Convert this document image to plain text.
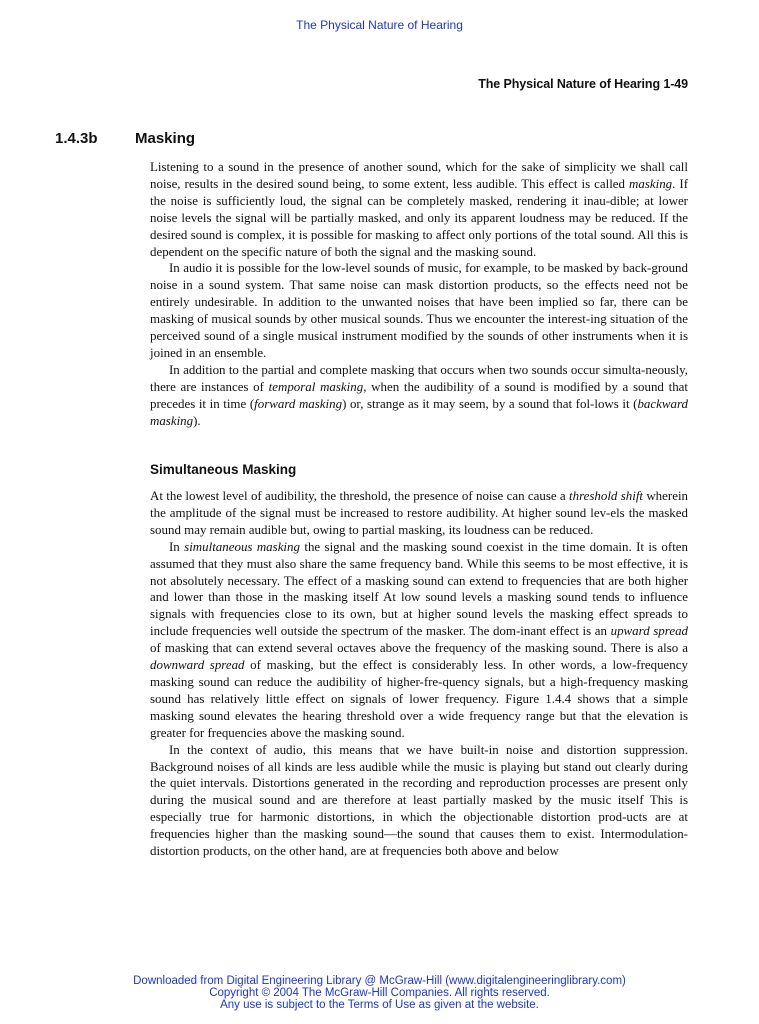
The Physical Nature of Hearing
The Physical Nature of Hearing 1-49
1.4.3b Masking

Listening to a sound in the presence of another sound, which for the sake of simplicity we shall call noise, results in the desired sound being, to some extent, less audible. This effect is called masking. If the noise is sufficiently loud, the signal can be completely masked, rendering it inau-dible; at lower noise levels the signal will be partially masked, and only its apparent loudness may be reduced. If the desired sound is complex, it is possible for masking to affect only portions of the total sound. All this is dependent on the specific nature of both the signal and the masking sound.

In audio it is possible for the low-level sounds of music, for example, to be masked by back-ground noise in a sound system. That same noise can mask distortion products, so the effects need not be entirely undesirable. In addition to the unwanted noises that have been implied so far, there can be masking of musical sounds by other musical sounds. Thus we encounter the interest-ing situation of the perceived sound of a single musical instrument modified by the sounds of other instruments when it is joined in an ensemble.

In addition to the partial and complete masking that occurs when two sounds occur simulta-neously, there are instances of temporal masking, when the audibility of a sound is modified by a sound that precedes it in time (forward masking) or, strange as it may seem, by a sound that fol-lows it (backward masking).

Simultaneous Masking

At the lowest level of audibility, the threshold, the presence of noise can cause a threshold shift wherein the amplitude of the signal must be increased to restore audibility. At higher sound lev-els the masked sound may remain audible but, owing to partial masking, its loudness can be reduced.

In simultaneous masking the signal and the masking sound coexist in the time domain. It is often assumed that they must also share the same frequency band. While this seems to be most effective, it is not absolutely necessary. The effect of a masking sound can extend to frequencies that are both higher and lower than those in the masking itself At low sound levels a masking sound tends to influence signals with frequencies close to its own, but at higher sound levels the masking effect spreads to include frequencies well outside the spectrum of the masker. The dom-inant effect is an upward spread of masking that can extend several octaves above the frequency of the masking sound. There is also a downward spread of masking, but the effect is considerably less. In other words, a low-frequency masking sound can reduce the audibility of higher-fre-quency signals, but a high-frequency masking sound has relatively little effect on signals of lower frequency. Figure 1.4.4 shows that a simple masking sound elevates the hearing threshold over a wide frequency range but that the elevation is greater for frequencies above the masking sound.

In the context of audio, this means that we have built-in noise and distortion suppression. Background noises of all kinds are less audible while the music is playing but stand out clearly during the quiet intervals. Distortions generated in the recording and reproduction processes are present only during the musical sound and are therefore at least partially masked by the music itself This is especially true for harmonic distortions, in which the objectionable distortion prod-ucts are at frequencies higher than the masking sound—the sound that causes them to exist. Intermodulation-distortion products, on the other hand, are at frequencies both above and below

Downloaded from Digital Engineering Library @ McGraw-Hill (www.digitalengineeringlibrary.com)
Copyright © 2004 The McGraw-Hill Companies. All rights reserved.
Any use is subject to the Terms of Use as given at the website.
